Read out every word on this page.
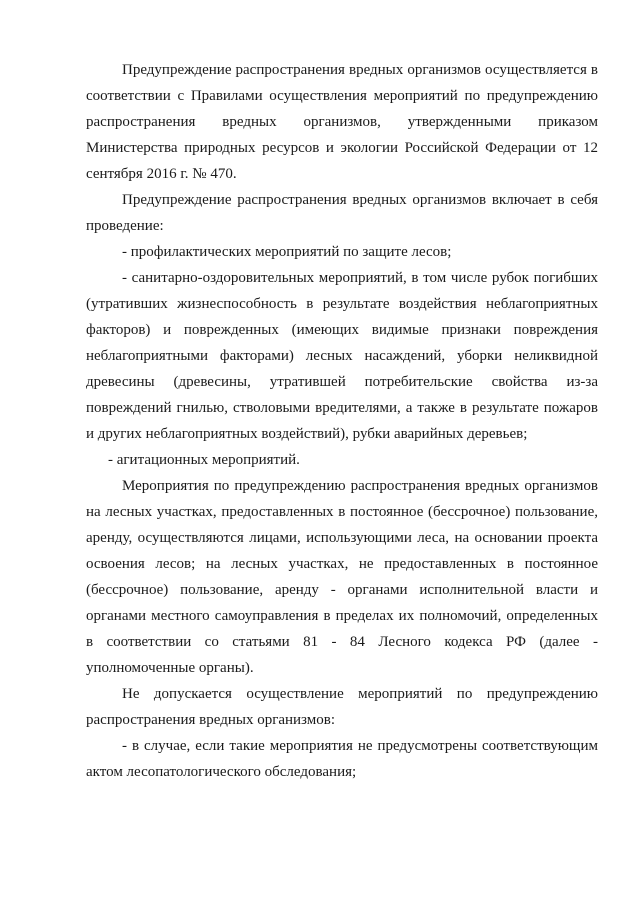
Предупреждение распространения вредных организмов осуществляется в соответствии с Правилами осуществления мероприятий по предупреждению распространения вредных организмов, утвержденными приказом Министерства природных ресурсов и экологии Российской Федерации от 12 сентября 2016 г. № 470.

Предупреждение распространения вредных организмов включает в себя проведение:

- профилактических мероприятий по защите лесов;

- санитарно-оздоровительных мероприятий, в том числе рубок погибших (утративших жизнеспособность в результате воздействия неблагоприятных факторов) и поврежденных (имеющих видимые признаки повреждения неблагоприятными факторами) лесных насаждений, уборки неликвидной древесины (древесины, утратившей потребительские свойства из-за повреждений гнилью, стволовыми вредителями, а также в результате пожаров и других неблагоприятных воздействий), рубки аварийных деревьев;

- агитационных мероприятий.

Мероприятия по предупреждению распространения вредных организмов на лесных участках, предоставленных в постоянное (бессрочное) пользование, аренду, осуществляются лицами, использующими леса, на основании проекта освоения лесов; на лесных участках, не предоставленных в постоянное (бессрочное) пользование, аренду - органами исполнительной власти и органами местного самоуправления в пределах их полномочий, определенных в соответствии со статьями 81 - 84 Лесного кодекса РФ (далее - уполномоченные органы).

Не допускается осуществление мероприятий по предупреждению распространения вредных организмов:

- в случае, если такие мероприятия не предусмотрены соответствующим актом лесопатологического обследования;
